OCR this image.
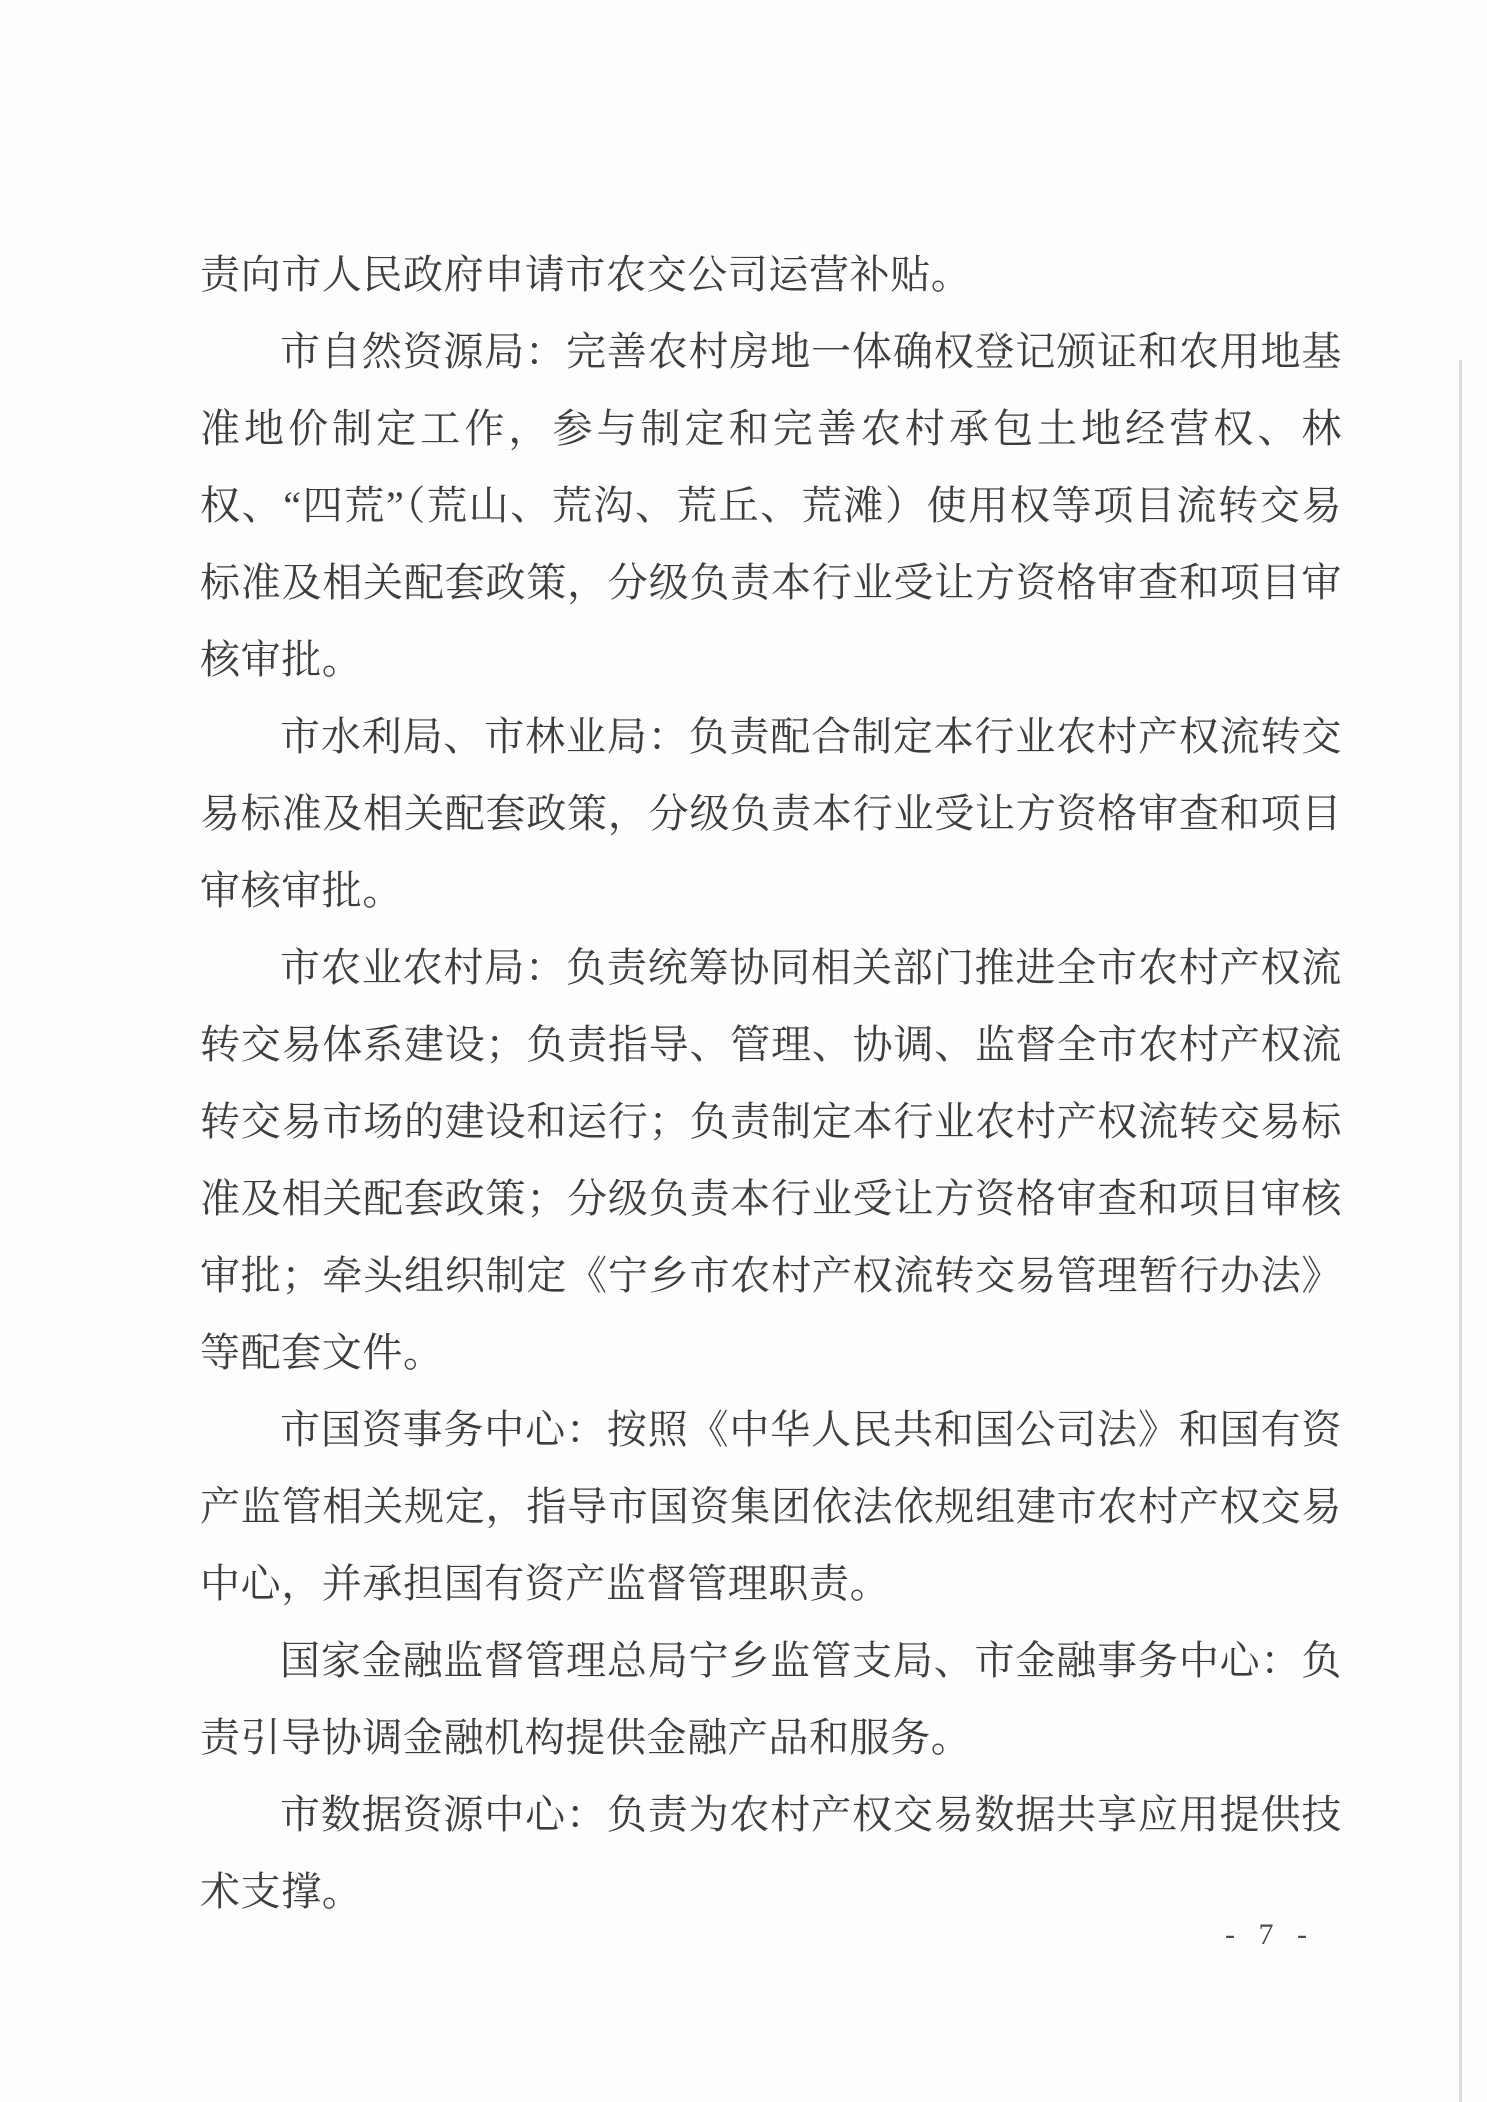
责向市人民政府申请市农交公司运营补贴。

市自然资源局：完善农村房地一体确权登记颁证和农用地基准地价制定工作，参与制定和完善农村承包土地经营权、林权、“四荒”（荒山、荒沟、荒丘、荒滩）使用权等项目流转交易标准及相关配套政策，分级负责本行业受让方资格审查和项目审核审批。

市水利局、市林业局：负责配合制定本行业农村产权流转交易标准及相关配套政策，分级负责本行业受让方资格审查和项目审核审批。

市农业农村局：负责统筹协同相关部门推进全市农村产权流转交易体系建设；负责指导、管理、协调、监督全市农村产权流转交易市场的建设和运行；负责制定本行业农村产权流转交易标准及相关配套政策；分级负责本行业受让方资格审查和项目审核审批；牵头组织制定《宁乡市农村产权流转交易管理暂行办法》等配套文件。

市国资事务中心：按照《中华人民共和国公司法》和国有资产监管相关规定，指导市国资集团依法依规组建市农村产权交易中心，并承担国有资产监督管理职责。

国家金融监督管理总局宁乡监管支局、市金融事务中心：负责引导协调金融机构提供金融产品和服务。

市数据资源中心：负责为农村产权交易数据共享应用提供技术支撑。

- 7 -
